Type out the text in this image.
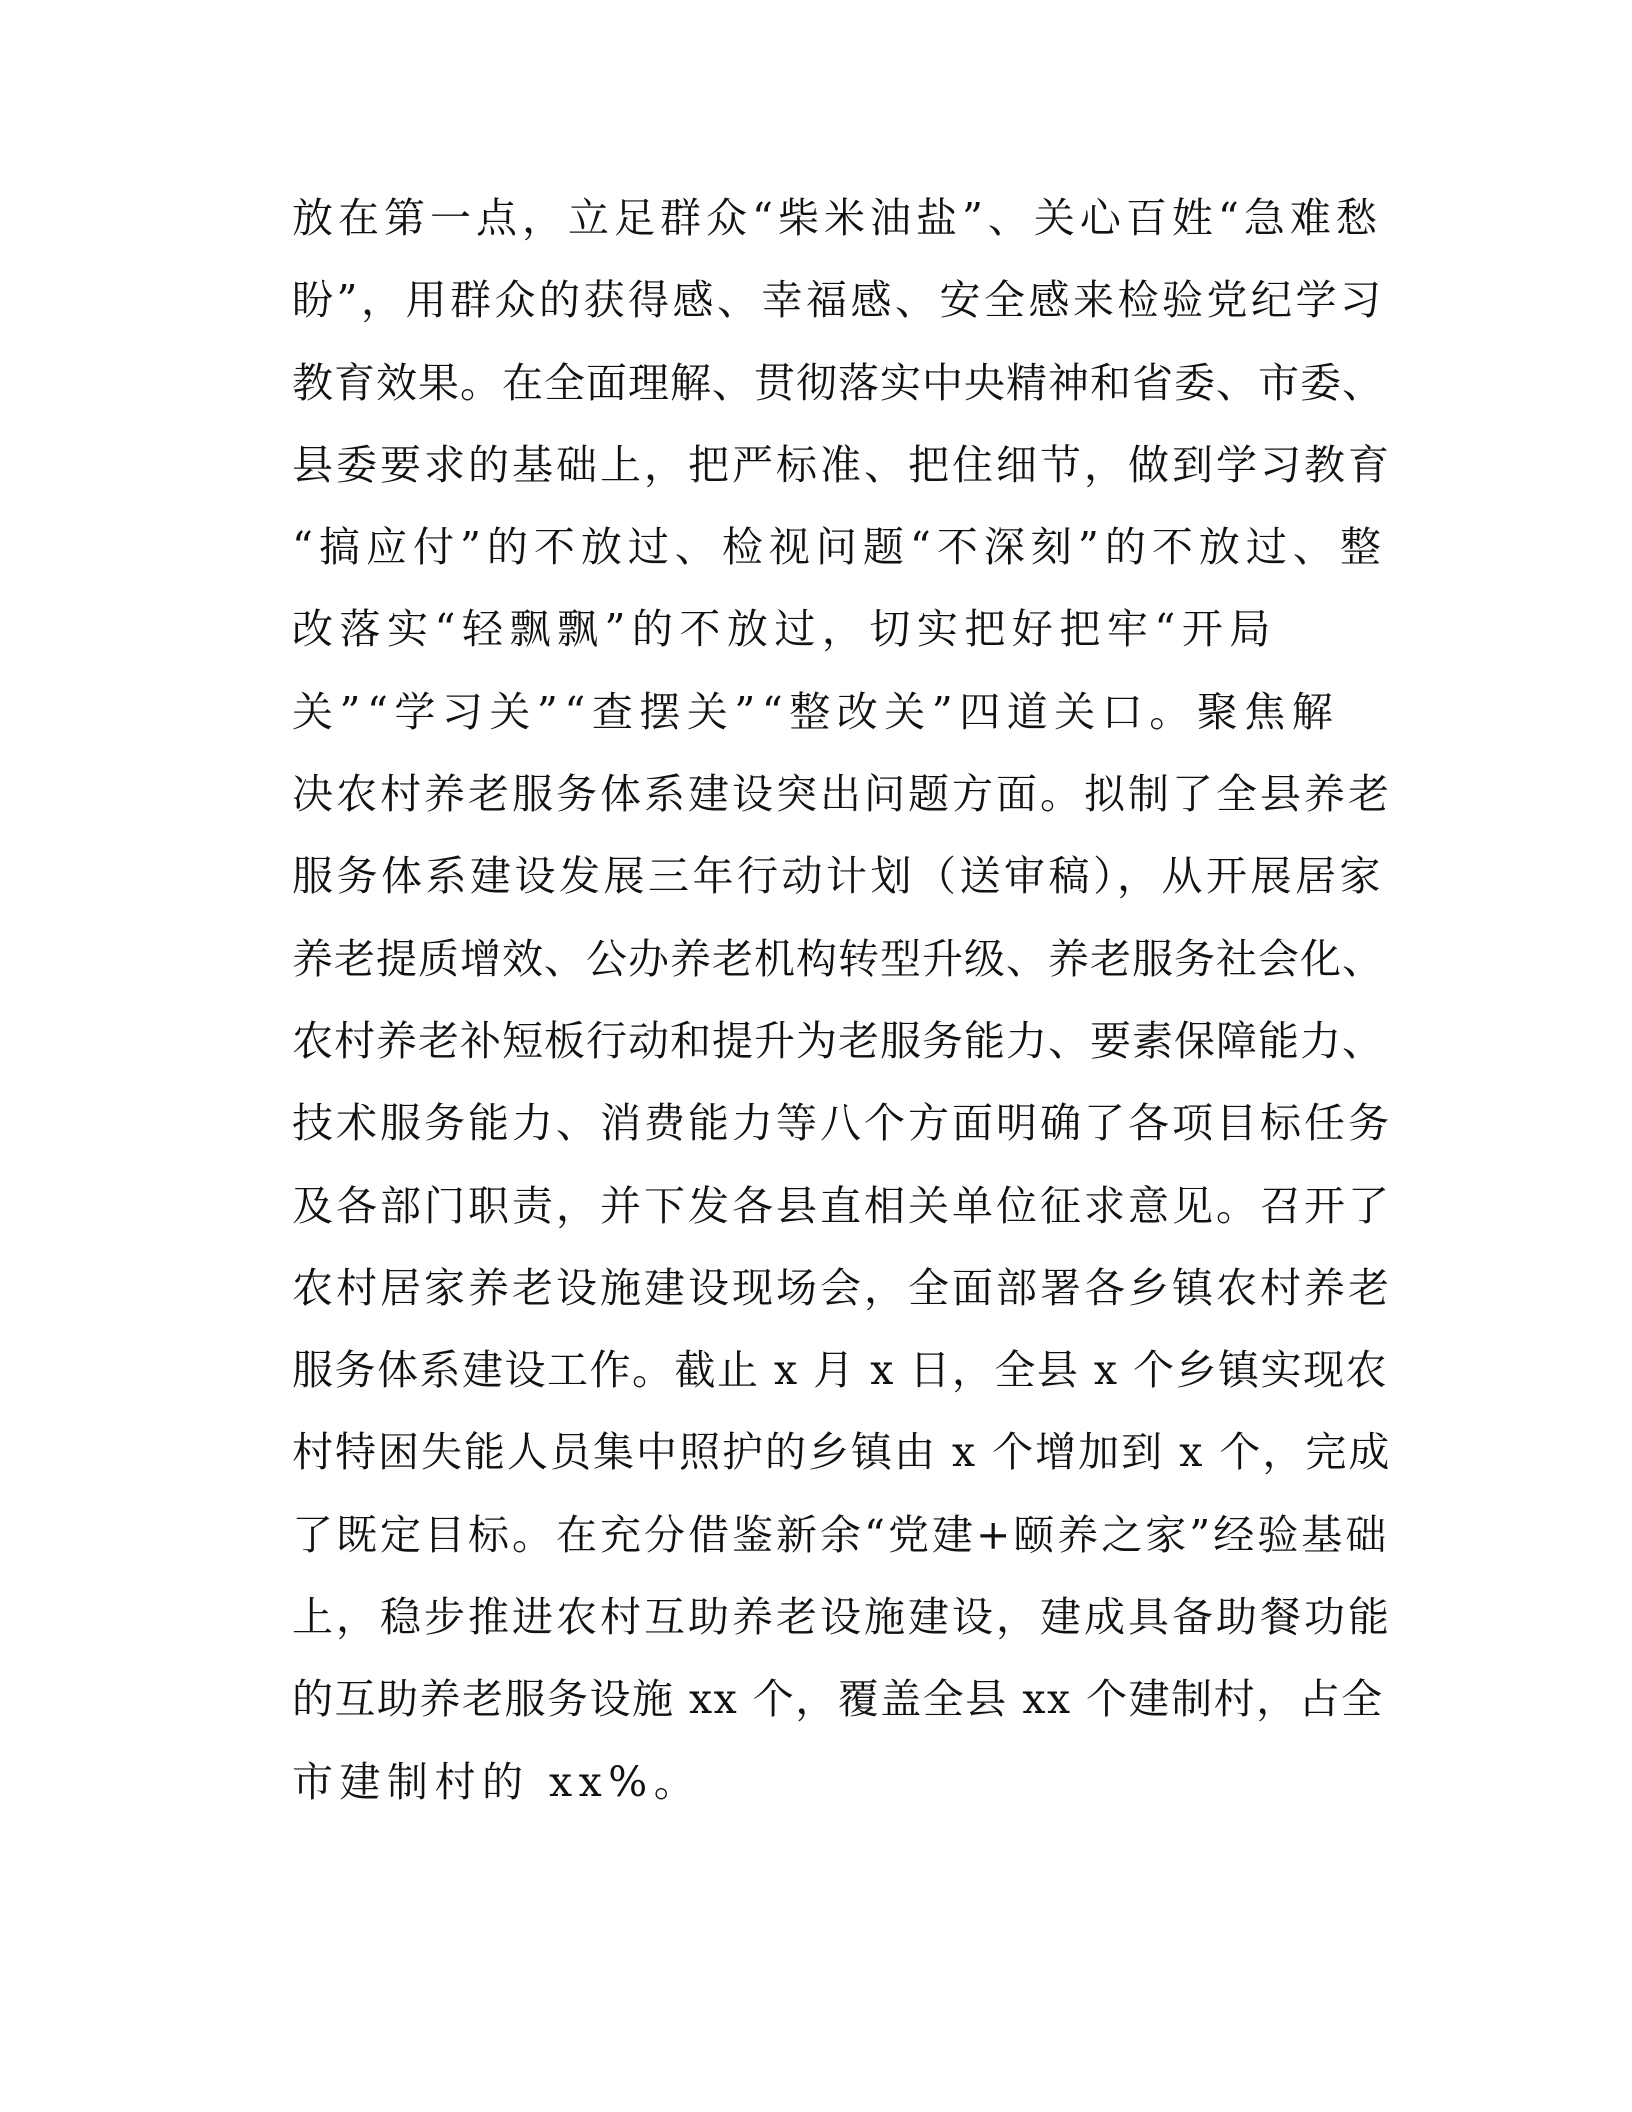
放在第一点，立足群众“柴米油盐”、关心百姓“急难愁
盼”，用群众的获得感、幸福感、安全感来检验党纪学习
教育效果。在全面理解、贯彻落实中央精神和省委、市委、
县委要求的基础上，把严标准、把住细节，做到学习教育
“搞应付”的不放过、检视问题“不深刻”的不放过、整
改落实“轻飘飘”的不放过，切实把好把牢“开局
关”“学习关”“查摆关”“整改关”四道关口。聚焦解
决农村养老服务体系建设突出问题方面。拟制了全县养老
服务体系建设发展三年行动计划（送审稿），从开展居家
养老提质增效、公办养老机构转型升级、养老服务社会化、
农村养老补短板行动和提升为老服务能力、要素保障能力、
技术服务能力、消费能力等八个方面明确了各项目标任务
及各部门职责，并下发各县直相关单位征求意见。召开了
农村居家养老设施建设现场会，全面部署各乡镇农村养老
服务体系建设工作。截止 x 月 x 日，全县 x 个乡镇实现农
村特困失能人员集中照护的乡镇由 x 个增加到 x 个，完成
了既定目标。在充分借鉴新余“党建+颐养之家”经验基础
上，稳步推进农村互助养老设施建设，建成具备助餐功能
的互助养老服务设施 xx 个，覆盖全县 xx 个建制村，占全
市建制村的 xx%。
